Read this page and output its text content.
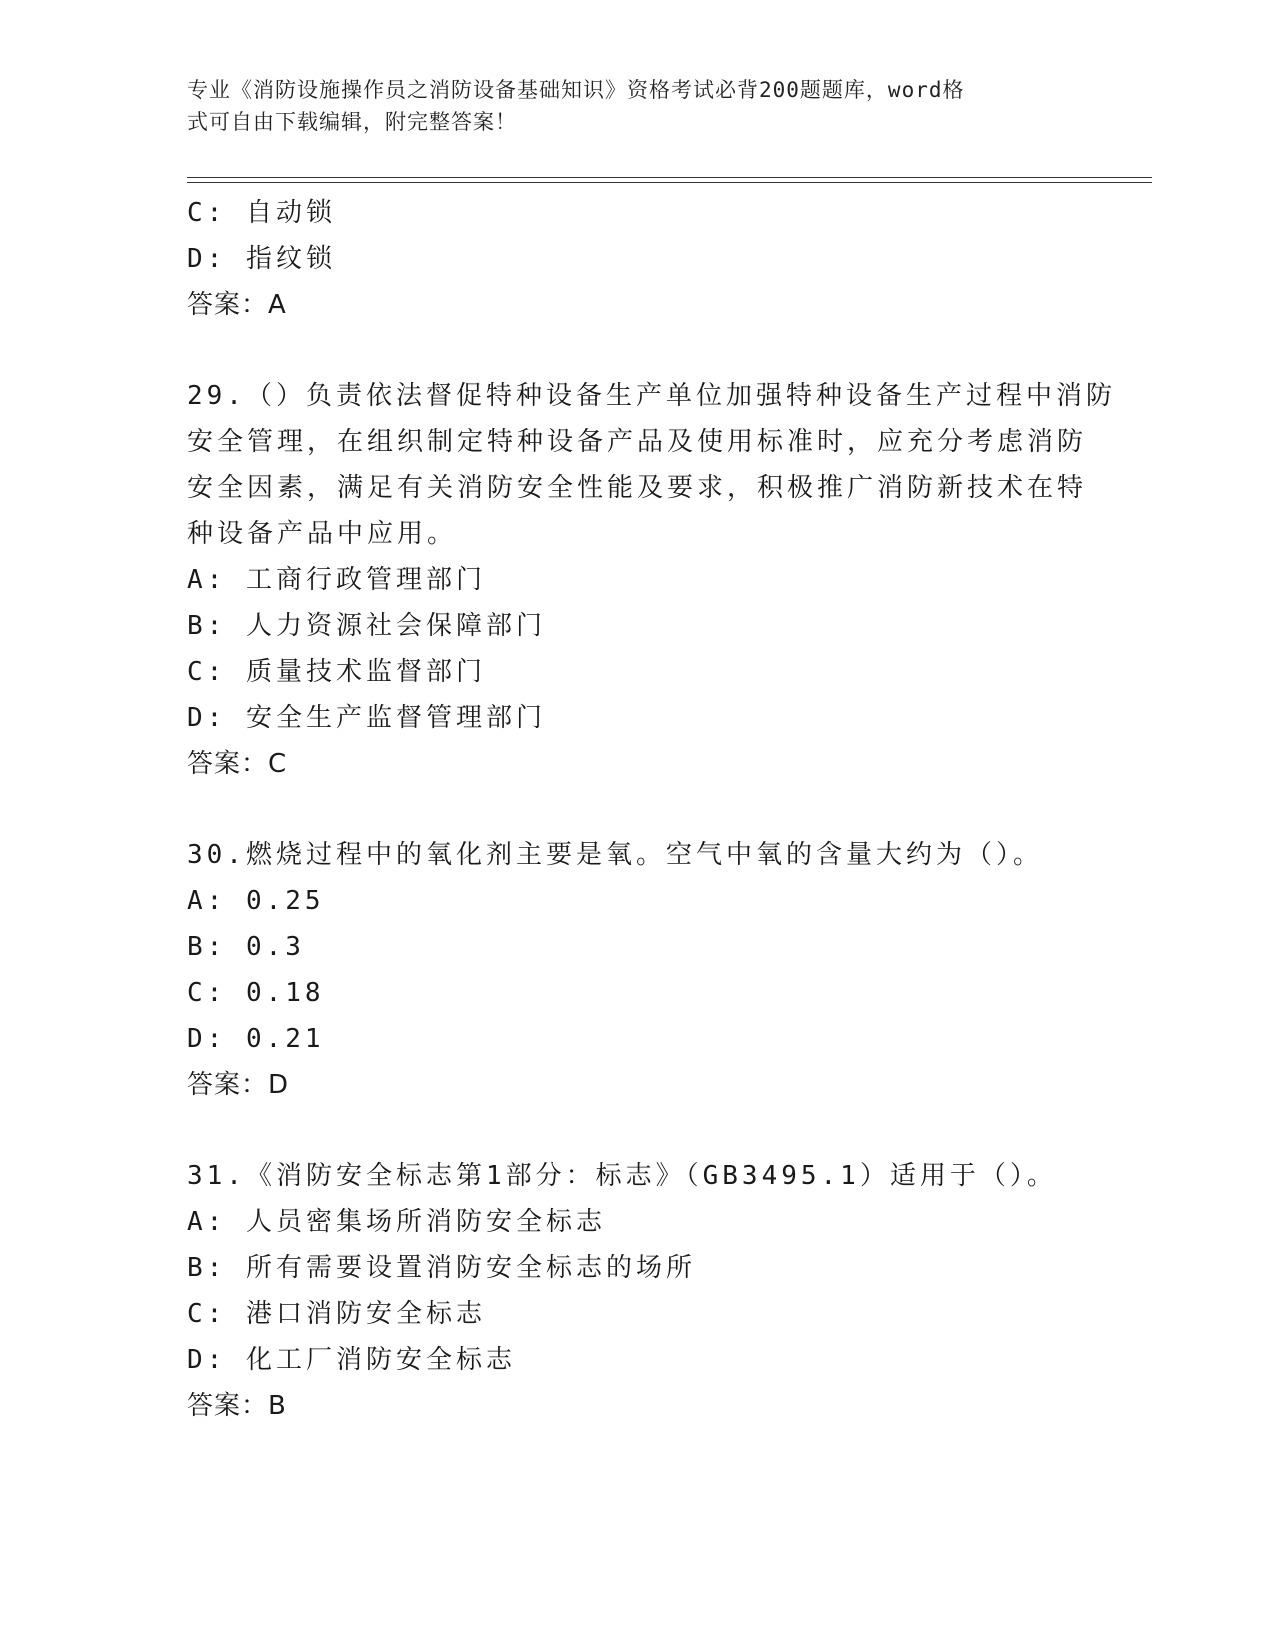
专业《消防设施操作员之消防设备基础知识》资格考试必背200题题库，word格
式可自由下载编辑，附完整答案！
C: 自动锁
D: 指纹锁
答案：A
29.（）负责依法督促特种设备生产单位加强特种设备生产过程中消防
安全管理，在组织制定特种设备产品及使用标准时，应充分考虑消防
安全因素，满足有关消防安全性能及要求，积极推广消防新技术在特
种设备产品中应用。
A: 工商行政管理部门
B: 人力资源社会保障部门
C: 质量技术监督部门
D: 安全生产监督管理部门
答案：C
30.燃烧过程中的氧化剂主要是氧。空气中氧的含量大约为（）。
A: 0.25
B: 0.3
C: 0.18
D: 0.21
答案：D
31.《消防安全标志第1部分：标志》（GB3495.1）适用于（）。
A: 人员密集场所消防安全标志
B: 所有需要设置消防安全标志的场所
C: 港口消防安全标志
D: 化工厂消防安全标志
答案：B
